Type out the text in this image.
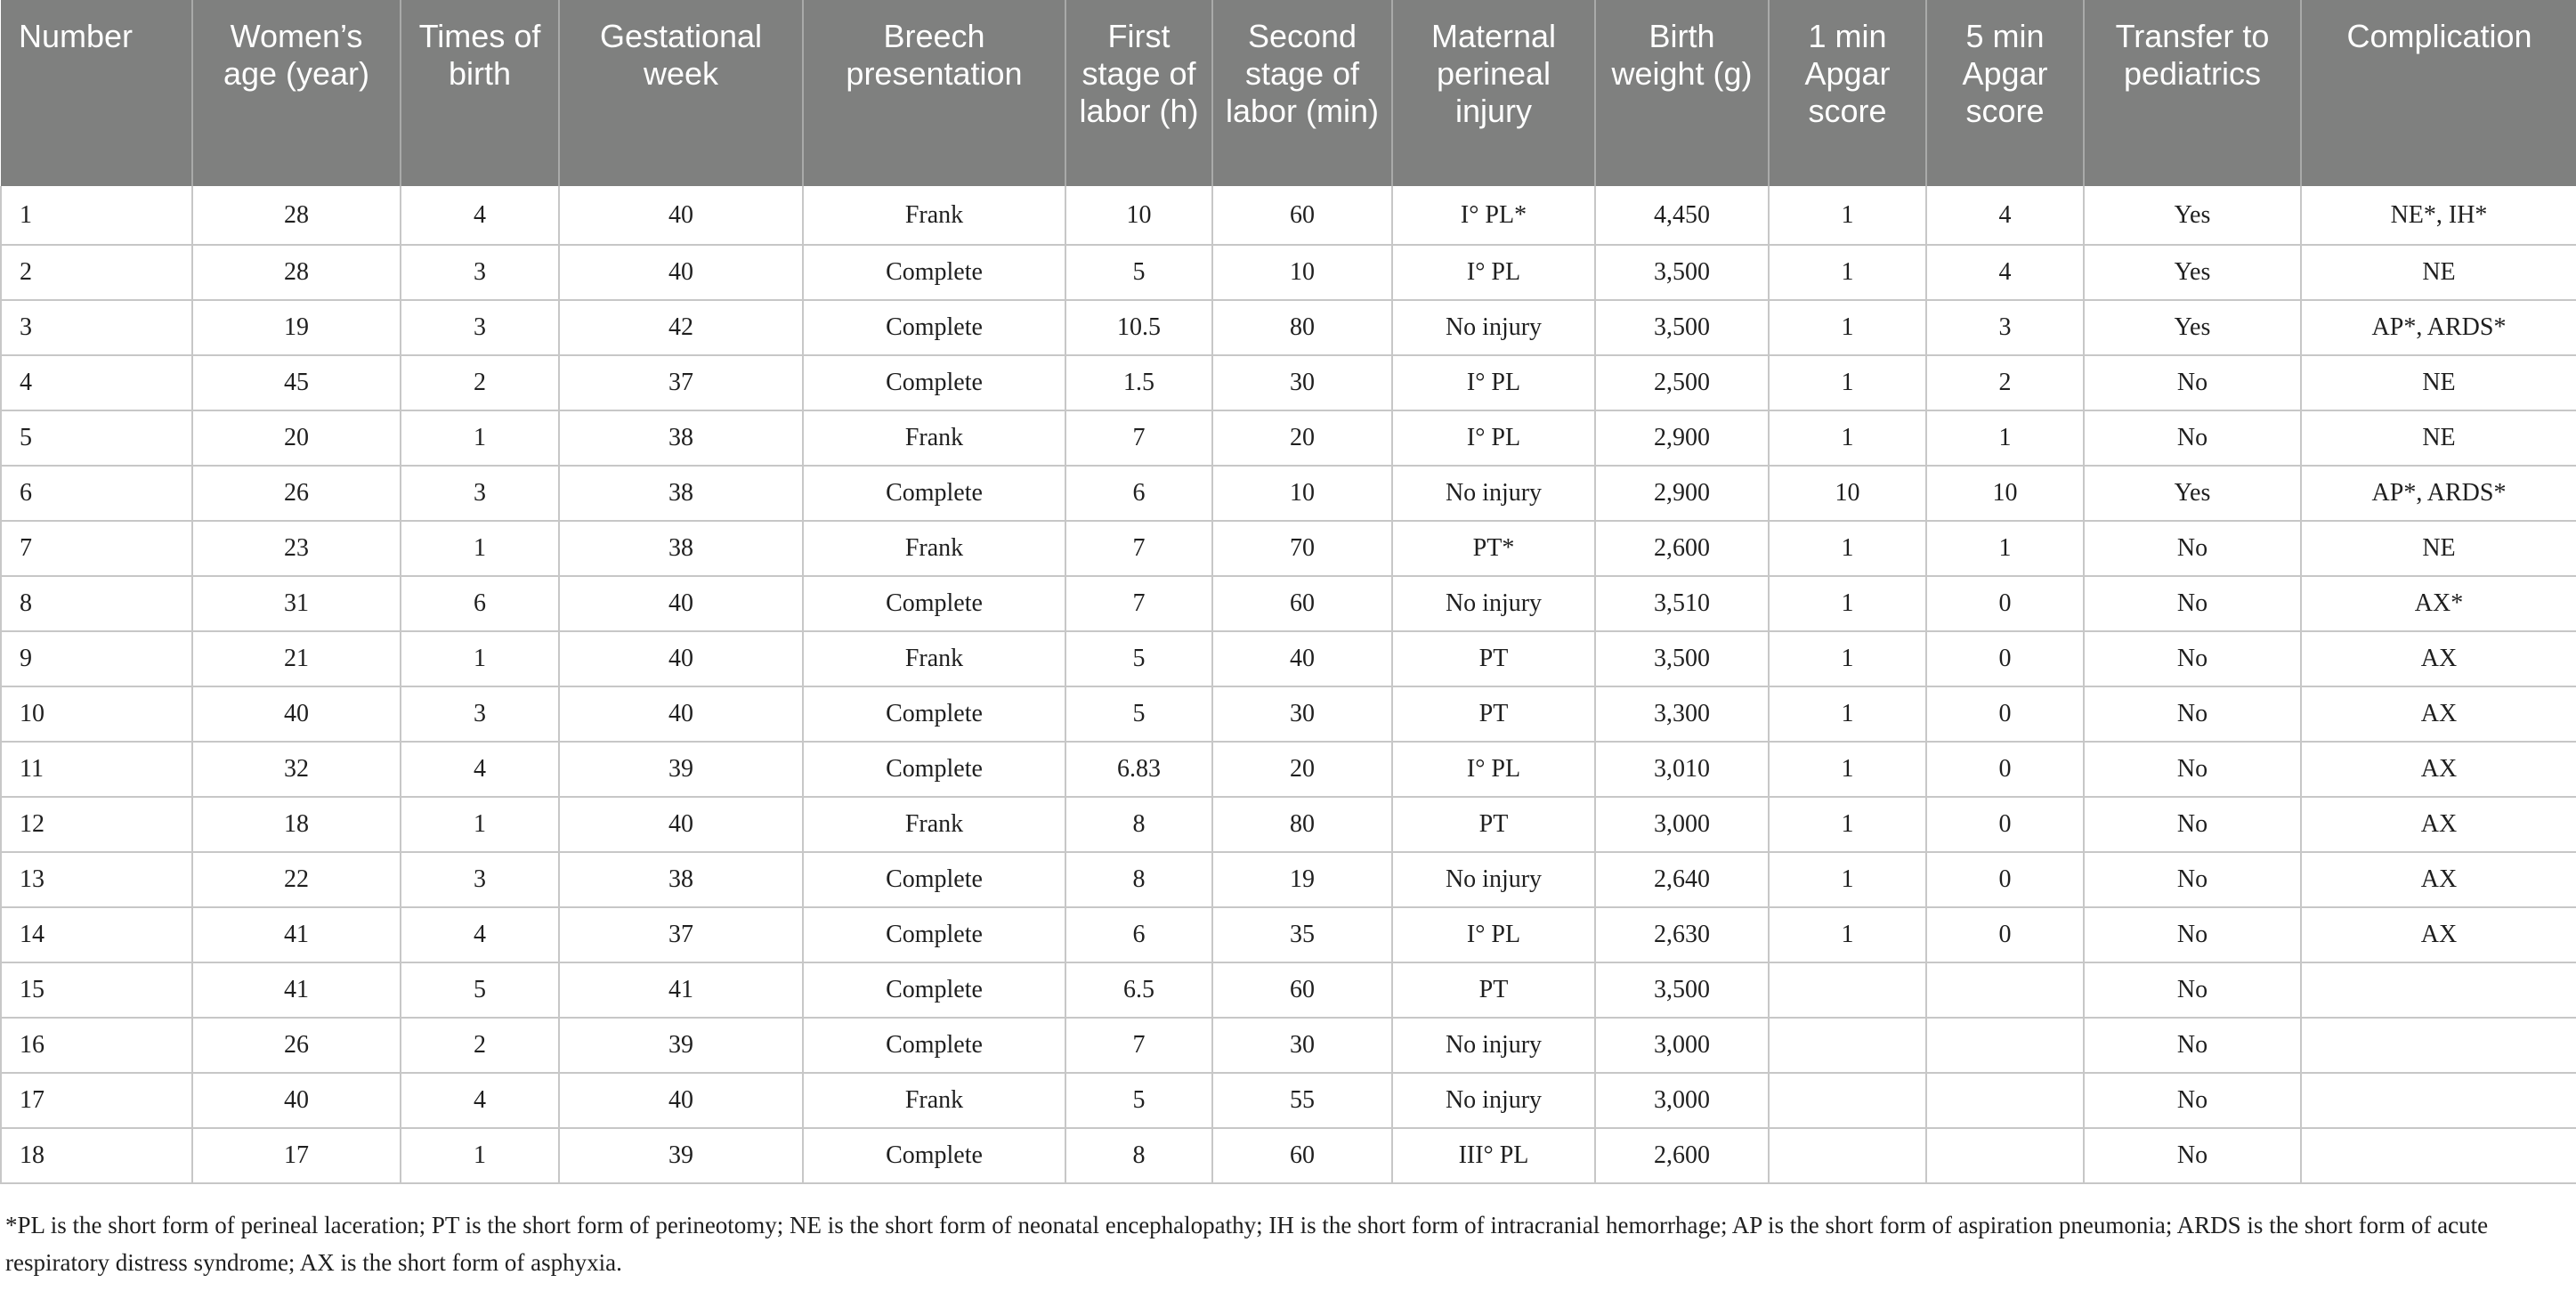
Number	Women’s age (year)	Times of birth	Gestational week	Breech presentation	First stage of labor (h)	Second stage of labor (min)	Maternal perineal injury	Birth weight (g)	1 min Apgar score	5 min Apgar score	Transfer to pediatrics	Complication
1	28	4	40	Frank	10	60	I° PL*	4,450	1	4	Yes	NE*, IH*
2	28	3	40	Complete	5	10	I° PL	3,500	1	4	Yes	NE
3	19	3	42	Complete	10.5	80	No injury	3,500	1	3	Yes	AP*, ARDS*
4	45	2	37	Complete	1.5	30	I° PL	2,500	1	2	No	NE
5	20	1	38	Frank	7	20	I° PL	2,900	1	1	No	NE
6	26	3	38	Complete	6	10	No injury	2,900	10	10	Yes	AP*, ARDS*
7	23	1	38	Frank	7	70	PT*	2,600	1	1	No	NE
8	31	6	40	Complete	7	60	No injury	3,510	1	0	No	AX*
9	21	1	40	Frank	5	40	PT	3,500	1	0	No	AX
10	40	3	40	Complete	5	30	PT	3,300	1	0	No	AX
11	32	4	39	Complete	6.83	20	I° PL	3,010	1	0	No	AX
12	18	1	40	Frank	8	80	PT	3,000	1	0	No	AX
13	22	3	38	Complete	8	19	No injury	2,640	1	0	No	AX
14	41	4	37	Complete	6	35	I° PL	2,630	1	0	No	AX
15	41	5	41	Complete	6.5	60	PT	3,500			No	
16	26	2	39	Complete	7	30	No injury	3,000			No	
17	40	4	40	Frank	5	55	No injury	3,000			No	
18	17	1	39	Complete	8	60	III° PL	2,600			No	

*PL is the short form of perineal laceration; PT is the short form of perineotomy; NE is the short form of neonatal encephalopathy; IH is the short form of intracranial hemorrhage; AP is the short form of aspiration pneumonia; ARDS is the short form of acute respiratory distress syndrome; AX is the short form of asphyxia.
